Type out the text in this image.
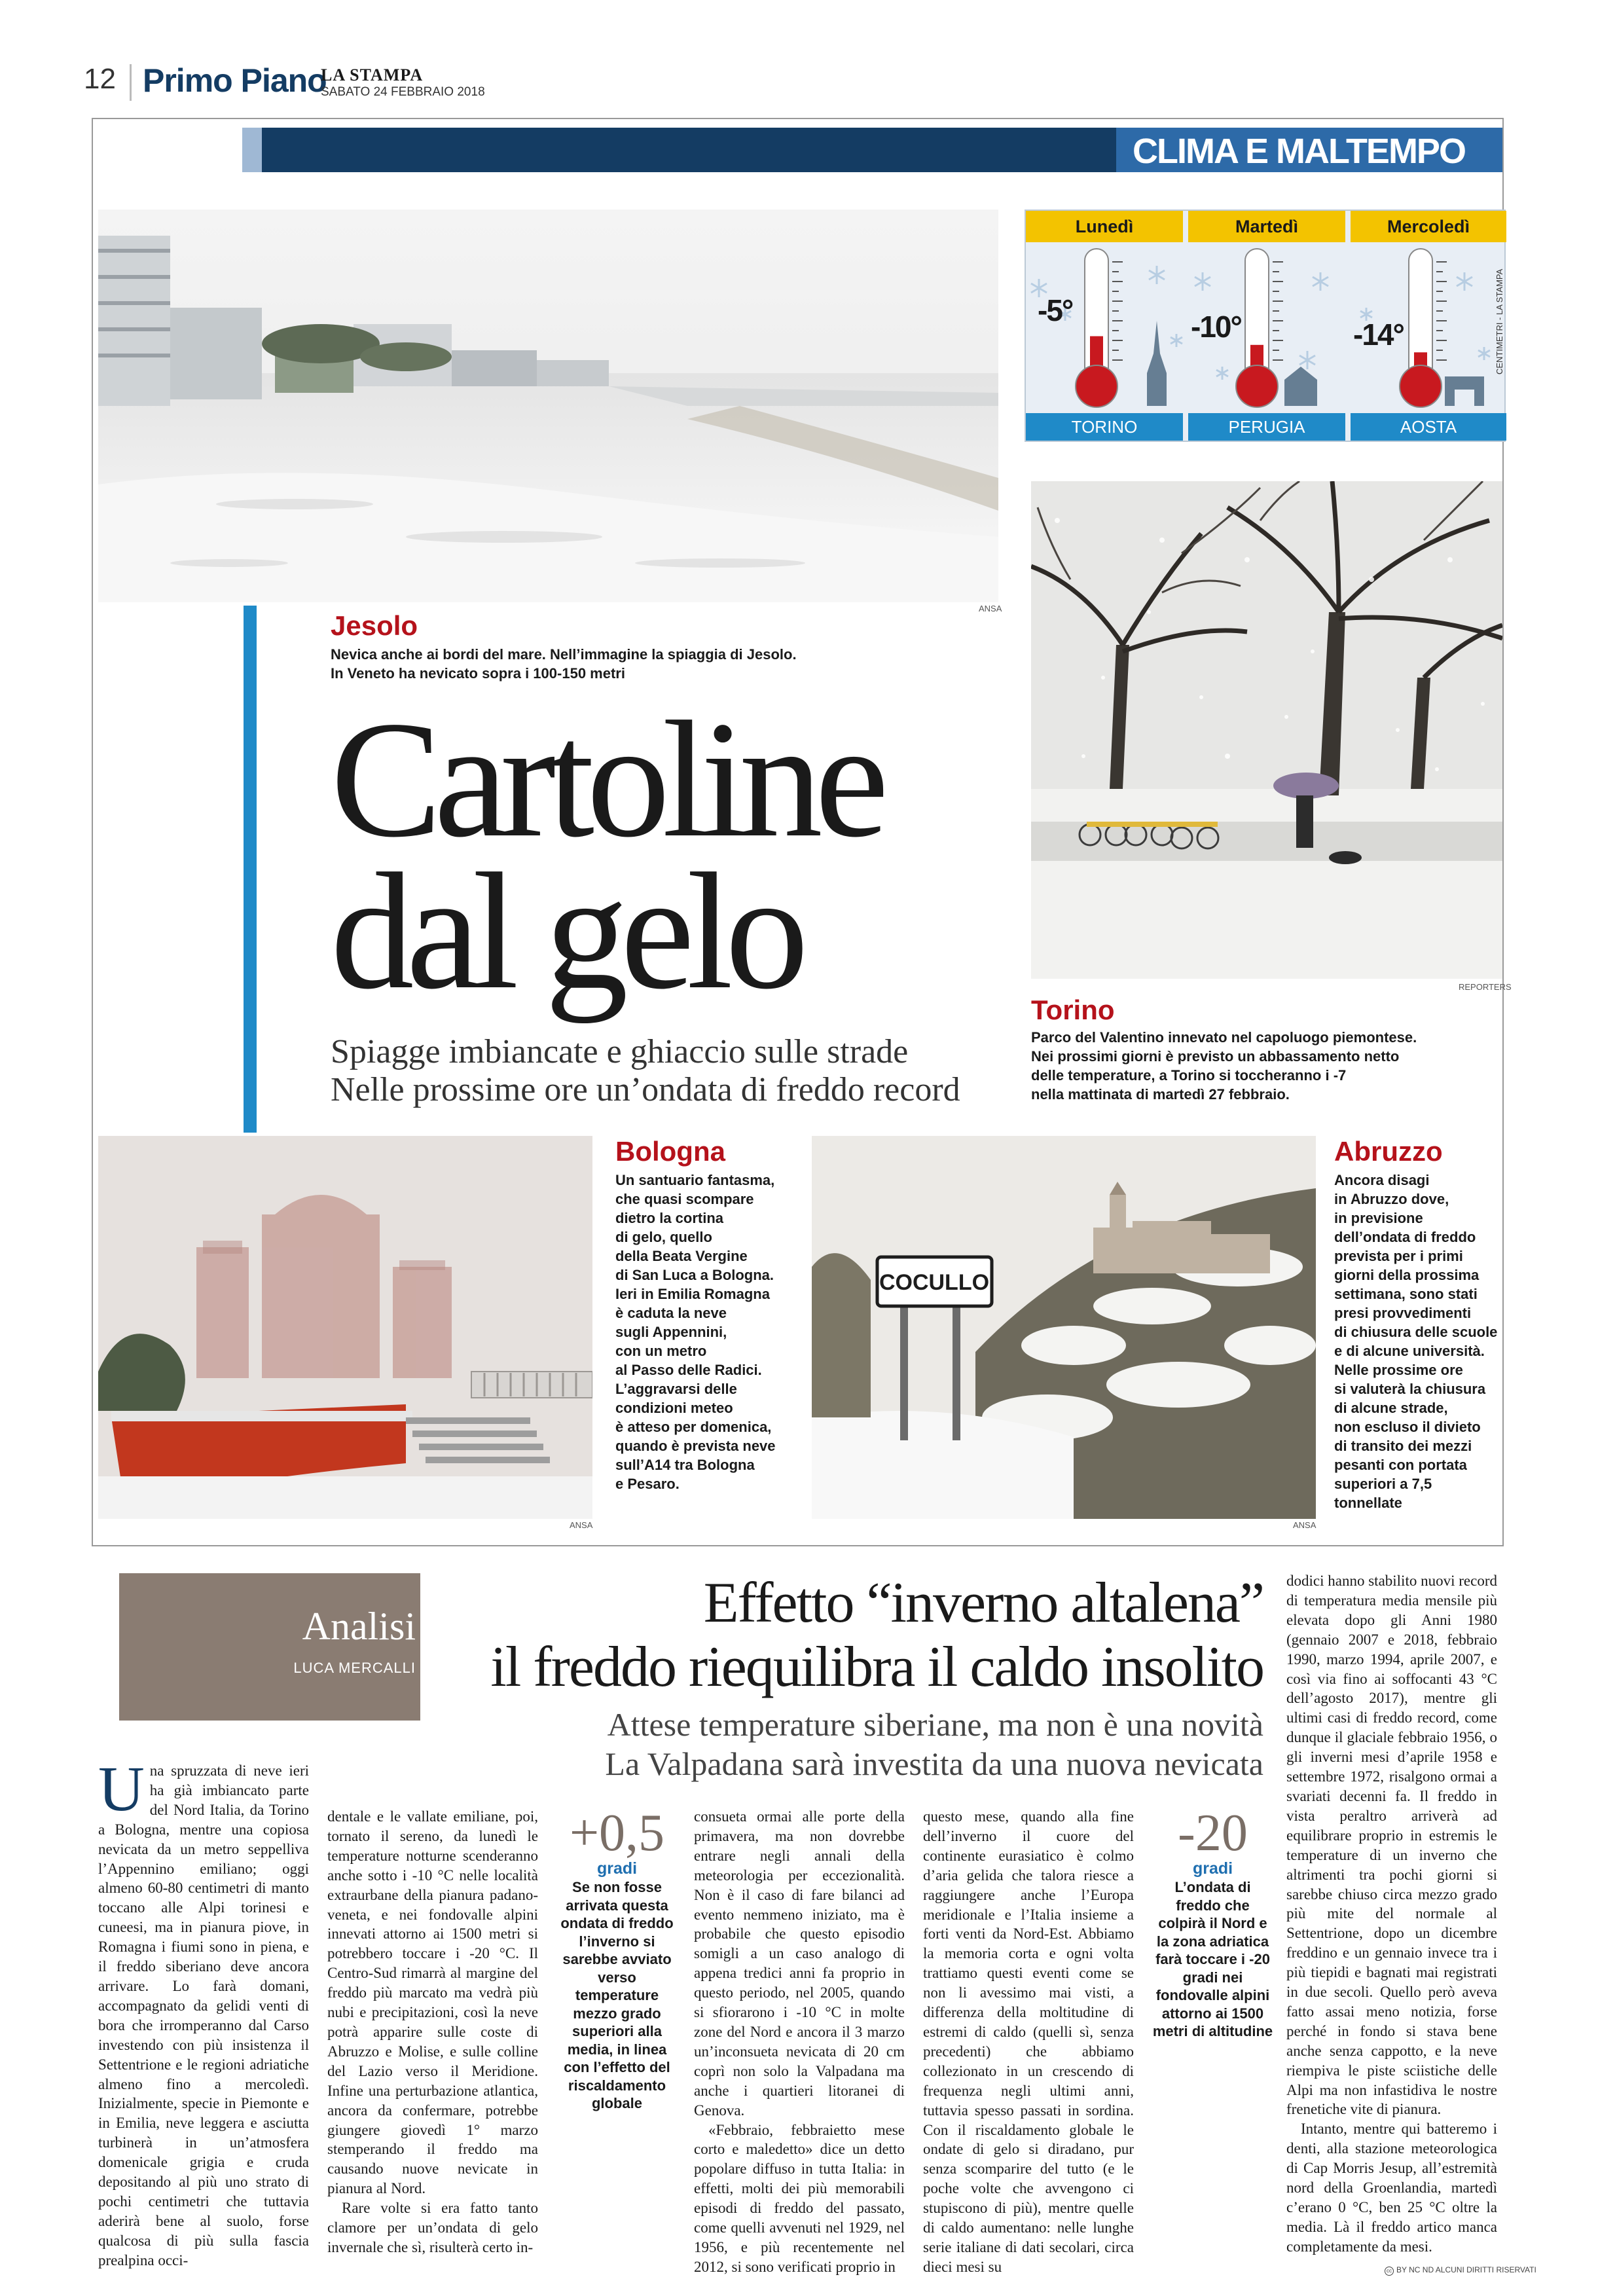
12 Primo Piano
LA STAMPA
SABATO 24 FEBBRAIO 2018
CLIMA E MALTEMPO
ANSA
Lunedì	Martedì	Mercoledì
-5°	-10°	-14°
TORINO	PERUGIA	AOSTA
CENTIMETRI - LA STAMPA
REPORTERS
Jesolo

Nevica anche ai bordi del mare. Nell’immagine la spiaggia di Jesolo.

In Veneto ha nevicato sopra i 100-150 metri

Cartoline
dal gelo
Spiagge imbiancate e ghiaccio sulle strade
Nelle prossime ore un’ondata di freddo record
Torino

Parco del Valentino innevato nel capoluogo piemontese.

Nei prossimi giorni è previsto un abbassamento netto

delle temperature, a Torino si toccheranno i -7

nella mattinata di martedì 27 febbraio.

ANSA
Bologna

Un santuario fantasma,

che quasi scompare

dietro la cortina

di gelo, quello

della Beata Vergine

di San Luca a Bologna.

Ieri in Emilia Romagna

è caduta la neve

sugli Appennini,

con un metro

al Passo delle Radici.

L’aggravarsi delle

condizioni meteo

è atteso per domenica,

quando è prevista neve

sull’A14 tra Bologna

e Pesaro.

COCULLO
ANSA
Abruzzo

Ancora disagi

in Abruzzo dove,

in previsione

dell’ondata di freddo

prevista per i primi

giorni della prossima

settimana, sono stati

presi provvedimenti

di chiusura delle scuole

e di alcune università.

Nelle prossime ore

si valuterà la chiusura

di alcune strade,

non escluso il divieto

di transito dei mezzi

pesanti con portata

superiori a 7,5

tonnellate

Analisi
LUCA MERCALLI
Effetto “inverno altalena”
il freddo riequilibra il caldo insolito
Attese temperature siberiane, ma non è una novità
La Valpadana sarà investita da una nuova nevicata
Una spruzzata di neve ieri ha già imbiancato parte del Nord Italia, da Torino a Bologna, mentre una copiosa nevicata da un metro seppelliva l’Appennino emiliano; oggi almeno 60-80 centimetri di manto toccano alle Alpi torinesi e cuneesi, ma in pianura piove, in Romagna i fiumi sono in piena, e il freddo siberiano deve ancora arrivare. Lo farà domani, accompagnato da gelidi venti di bora che irromperanno dal Carso investendo con più insistenza il Settentrione e le regioni adriatiche almeno fino a mercoledì. Inizialmente, specie in Piemonte e in Emilia, neve leggera e asciutta turbinerà in un’atmosfera domenicale grigia e cruda depositando al più uno strato di pochi centimetri che tuttavia aderirà bene al suolo, forse qualcosa di più sulla fascia prealpina occi-

dentale e le vallate emiliane, poi, tornato il sereno, da lunedì le temperature notturne scenderanno anche sotto i -10 °C nelle località extraurbane della pianura padano-veneta, e nei fondovalle alpini innevati attorno ai 1500 metri si potrebbero toccare i -20 °C. Il Centro-Sud rimarrà al margine del freddo più marcato ma vedrà più nubi e precipitazioni, così la neve potrà apparire sulle coste di Abruzzo e Molise, e sulle colline del Lazio verso il Meridione. Infine una perturbazione atlantica, ancora da confermare, potrebbe giungere giovedì 1° marzo stemperando il freddo ma causando nuove nevicate in pianura al Nord.

Rare volte si era fatto tanto clamore per un’ondata di gelo invernale che sì, risulterà certo in-

+0,5
gradi
Se non fosse arrivata questa ondata di freddo l’inverno si sarebbe avviato verso temperature mezzo grado superiori alla media, in linea con l’effetto del riscaldamento globale

consueta ormai alle porte della primavera, ma non dovrebbe entrare negli annali della meteorologia per eccezionalità. Non è il caso di fare bilanci ad evento nemmeno iniziato, ma è probabile che questo episodio somigli a un caso analogo di appena tredici anni fa proprio in questo periodo, nel 2005, quando si sfiorarono i -10 °C in molte zone del Nord e ancora il 3 marzo un’inconsueta nevicata di 20 cm coprì non solo la Valpadana ma anche i quartieri litoranei di Genova.

«Febbraio, febbraietto mese corto e maledetto» dice un detto popolare diffuso in tutta Italia: in effetti, molti dei più memorabili episodi di freddo del passato, come quelli avvenuti nel 1929, nel 1956, e più recentemente nel 2012, si sono verificati proprio in

questo mese, quando alla fine dell’inverno il cuore del continente eurasiatico è colmo d’aria gelida che talora riesce a raggiungere anche l’Europa meridionale e l’Italia insieme a forti venti da Nord-Est. Abbiamo la memoria corta e ogni volta trattiamo questi eventi come se non li avessimo mai visti, a differenza della moltitudine di estremi di caldo (quelli sì, senza precedenti) che abbiamo collezionato in un crescendo di frequenza negli ultimi anni, tuttavia spesso passati in sordina. Con il riscaldamento globale le ondate di gelo si diradano, pur senza scomparire del tutto (e le poche volte che avvengono ci stupiscono di più), mentre quelle di caldo aumentano: nelle lunghe serie italiane di dati secolari, circa dieci mesi su

-20
gradi
L’ondata di freddo che colpirà il Nord e la zona adriatica farà toccare i -20 gradi nei fondovalle alpini attorno ai 1500 metri di altitudine

dodici hanno stabilito nuovi record di temperatura media mensile più elevata dopo gli Anni 1980 (gennaio 2007 e 2018, febbraio 1990, marzo 1994, aprile 2007, e così via fino ai soffocanti 43 °C dell’agosto 2017), mentre gli ultimi casi di freddo record, come dunque il glaciale febbraio 1956, o gli inverni mesi d’aprile 1958 e settembre 1972, risalgono ormai a svariati decenni fa. Il freddo in vista peraltro arriverà ad equilibrare proprio in estremis le temperature di un inverno che altrimenti tra pochi giorni si sarebbe chiuso circa mezzo grado più mite del normale al Settentrione, dopo un dicembre freddino e un gennaio invece tra i più tiepidi e bagnati mai registrati in due secoli. Quello però aveva fatto assai meno notizia, forse perché in fondo si stava bene anche senza cappotto, e la neve riempiva le piste sciistiche delle Alpi ma non infastidiva le nostre frenetiche vite di pianura.

Intanto, mentre qui batteremo i denti, alla stazione meteorologica di Cap Morris Jesup, all’estremità nord della Groenlandia, martedì c’erano 0 °C, ben 25 °C oltre la media. Là il freddo artico manca completamente da mesi.

cc BY NC ND ALCUNI DIRITTI RISERVATI
